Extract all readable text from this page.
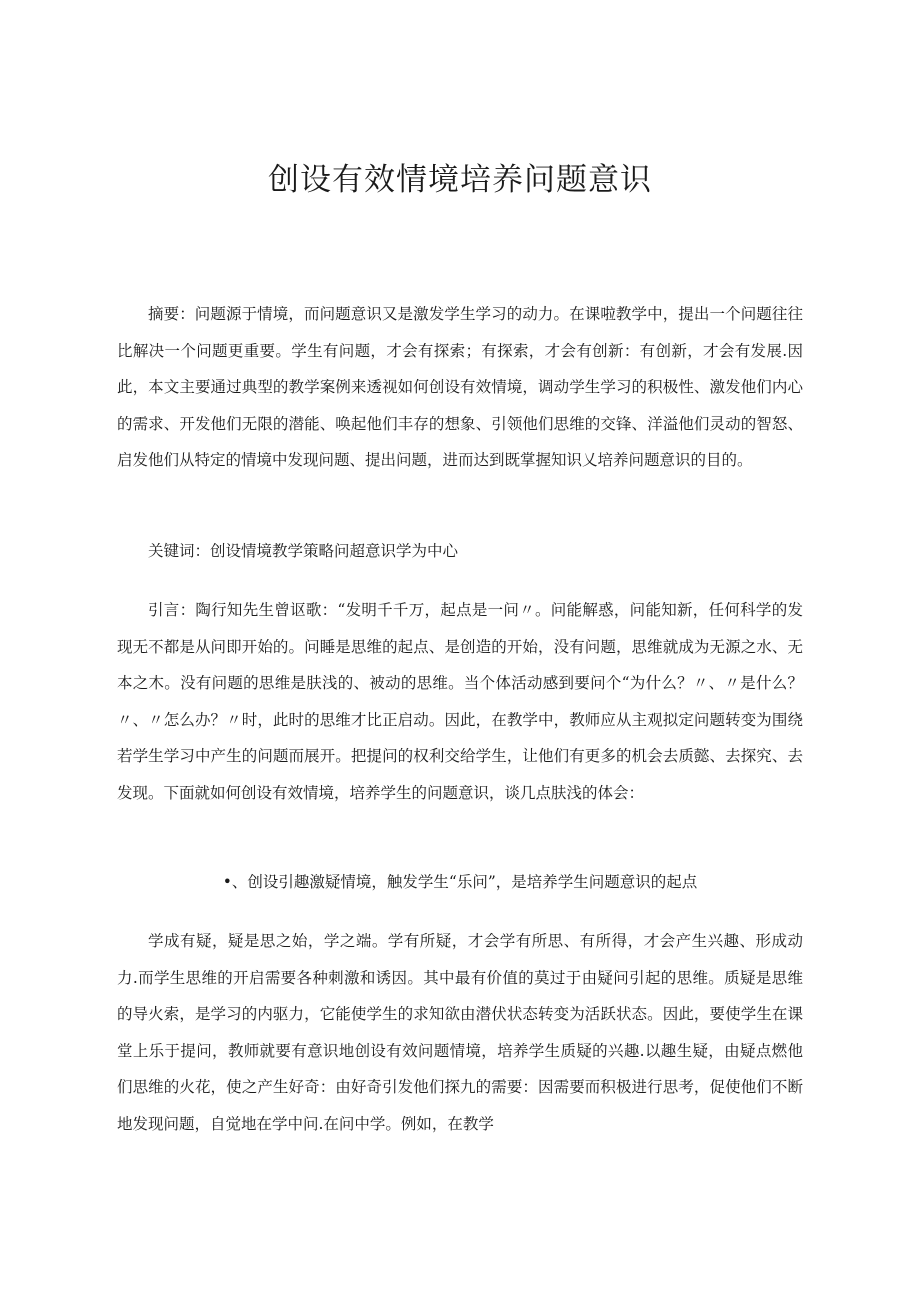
创设有效情境培养问题意识

摘要：问题源于情境，而问题意识又是激发学生学习的动力。在课啦教学中，提出一个问题往往比解决一个问题更重要。学生有问题，才会有探索；有探索，才会有创新：有创新，才会有发展.因此，本文主要通过典型的教学案例来透视如何创设有效情境，调动学生学习的积极性、激发他们内心的需求、开发他们无限的潜能、唤起他们丰存的想象、引领他们思维的交锋、洋溢他们灵动的智怒、启发他们从特定的情境中发现问题、提出问题，进而达到既掌握知识乂培养问题意识的目的。

关键词：创设情境教学策略问超意识学为中心

引言：陶行知先生曾讴歌：“发明千千万，起点是一问〃。问能解惑，问能知新，任何科学的发现无不都是从问即开始的。问睡是思维的起点、是创造的开始，没有问题，思维就成为无源之水、无本之木。没有问题的思维是肤浅的、被动的思维。当个体活动感到要问个“为什么？〃、〃是什么？〃、〃怎么办？〃时，此时的思维才比正启动。因此，在教学中，教师应从主观拟定问题转变为围绕若学生学习中产生的问题而展开。把提问的权利交给学生，让他们有更多的机会去质懿、去探究、去发现。下面就如何创设有效情境，培养学生的问题意识，谈几点肤浅的体会：

•、创设引趣激疑情境，触发学生“乐问”，是培养学生问题意识的起点

学成有疑，疑是思之始，学之端。学有所疑，才会学有所思、有所得，才会产生兴趣、形成动力.而学生思维的开启需要各种刺激和诱因。其中最有价值的莫过于由疑问引起的思维。质疑是思维的导火索，是学习的内驱力，它能使学生的求知欲由潜伏状态转变为活跃状态。因此，要使学生在课堂上乐于提问，教师就要有意识地创设有效问题情境，培养学生质疑的兴趣.以趣生疑，由疑点燃他们思维的火花，使之产生好奇：由好奇引发他们探九的需要：因需要而积极进行思考，促使他们不断地发现问题，自觉地在学中问.在问中学。例如，在教学
